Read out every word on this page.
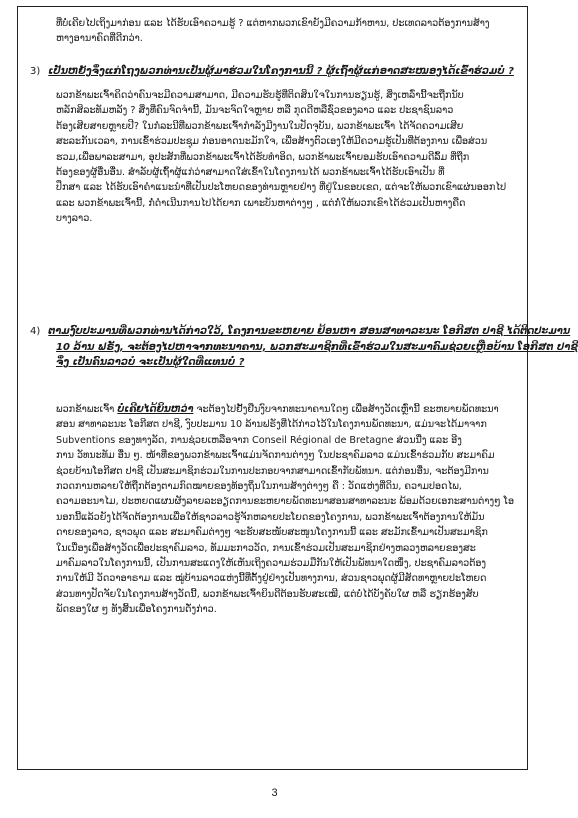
ທີ່ບໍ່ເຄີຍໄປເຖິງມາກ່ອນ ແລະ ໄດ້ຮັບເອົາຄວາມຮູ້ ? ແຕ່ຫາກພວກເຂົາຍັງມີຄວາມກ້າຫານ, ປະເທດລາວຕ້ອງການສ້າງ
ຫາງອານາຄົດທີ່ດີກວ່າ.
3) ເປັນຫຍັງຈຶ່ງແກ່ໂຖງພວກທ່ານເປັນຜູ້ມາຮ່ວມໃນໂຄງການນີ້ ? ຜູ້ເຖົ້າຜູ້ແກ່ອາດສະໜອງໄດ້ເຂົ້າຮ່ວມບໍ ?
ພວກຂ້າພະເຈົ້າຄິດວ່າຄົນຈະມີຄວາມສາມາດ, ມີຄວາມຮັບຮູ້ທີ່ຕິດສິນໃຈໃນການຮຽນຮູ້, ສິ່ງເຫລົ່ານີ້ຈະຖືກນັບ
ຫລັກສິລະທັມຫລັງ ? ສິ່ງທີ່ຄົນຈົດຈຳນີ້, ມັນຈະຈົດໃຈຫຼາຍ ຫລື ກຸດດີຫລືຊົ່ວຂອງລາວ ແລະ ປະຊາຊົນລາວ
ຕ້ອງເສີຍສາຍຫຼາຍປີ? ໃນກໍລະນີທີ່ພວກຂ້າພະເຈົ້າກຳລັງມີງານໃນປັດຈຸບັນ, ພວກຂ້າພະເຈົ້າ ໄດ້ຈັດຄວາມເສີຍ
ສະລະກັນເວລາ, ການເຂົ້າຮ່ວມປະຊຸມ ກ່ອນອາດນະມັກໃຈ, ເພື່ອສ້າງຕົວເອງໃຫ້ມີຄວາມຮູ້ເປັນທີ່ຕ້ອງການ ເພື່ອສ່ວນ
ຮວມ,ເພື່ອພາລະສາມາ, ອຸປະສັກທີ່ພວກຂ້າພະເຈົ້າໄດ້ຮັບທຳອິດ, ພວກຂ້າພະເຈົ້າຍອມຮັບເອົາຄວາມດີລົ້ມ ທີ່ຖືກ
ຕ້ອງຂອງຜູ້ອື່ນອື່ນ. ສຳລັບຜູ້ເຖົ້າຜູ້ແກ່ວ່າສາມາດໃສ່ເຂົ້າໃນໂຄງການໄດ້ ພວກຂ້າພະເຈົ້າໄດ້ຮັບເອົາເປັນ ທີ່
ປຶກສາ ແລະ ໄດ້ຮັບເອົາຄຳແນະນຳທີ່ເປັນປະໂຫຍດຂອງທ່ານຫຼາຍຢ່າງ ທີ່ຢູ່ໃນຂອບເຂດ, ແຕ່ຈະໃຫ້ພວກເຂົາແຜ່ນອອກໄປ
ແລະ ພວກຂ້າພະເຈົ້ານີ້, ກໍ່ດຳເນີນການໄປໄດ້ຍາກ ເພາະບັນຫາຕ່າງໆ , ແຕ່ກໍ່ໃຫ້ພວກເຂົາໄດ້ຮ່ວມເປັນຫາງຄືດ
ບາງລາວ.
4) ຕາມງົບປະມານທີ່ພວກທ່ານໄດ້ກ່າວໃວ້, ໂຄງການຂະຫຍາຍ ຢ້ອນຫາ ສອນສາທາລະນະ ໂອກີສຕ ປາຊີ ໄດ້ຕິດປະມານ
10 ລ້ານ ຟຣັງ, ຈະຕ້ອງໄປຫາຈາກທະນາຄານ, ພວກສະມາຊິກທີ່ເຂົ້າຮ່ວມໃນສະມາຄົມຊ່ວຍເຫຼືອບ້ານ ໂອກີສຕ ປາຊີ
ຈຶ່ງ ເປັນຄົນລາວບໍ ຈະເປັນຜູ້ໃດທີ່ແທນບໍ່ ?
ພວກຂ້າພະເຈົ້າ ບໍ່ເຄີຍໄດ້ຍິນຫວ່າ ຈະຕ້ອງໄປຢັ້ງຢືນງົບຈາກທະນາຄານໃດໆ ເພື່ອສ້າງວັດເຫຼົ່ານີ້ ຂະຫຍາຍພັດທະນາ
ສອນ ສາທາລະນະ ໂອກີສຕ ປາຊີ, ງົບປະມານ 10 ລ້ານຟຣັງທີ່ໄດ້ກ່າວໄວ້ໃນໂຄງການພັດທະນາ, ແມ່ນຈະໄດ້ມາຈາກ
Subventions ຂອງທາງລັດ, ການຊ່ວຍເຫລືອຈາກ Conseil Régional de Bretagne ສ່ວນນື່ງ ແລະ ອີງ
ການ ວັທນະທັມ ອື່ນ ໆ. ໜ້າທີ່ຂອງພວກຂ້າພະເຈົ້າແມ່ນຈັດການຕ່າງໆ ໃນປະຊາຄົມລາວ ແມ່ນເຂົ້າຮ່ວມກັບ ສະມາຄົມ
ຊ່ວຍບ້ານໂອກີສຕ ປາຊີ ເປັນສະມາຊິກຮ່ວມໃນການປະກອບຈາກສາມາດເຂົ້າກັບພັທນາ. ແຕ່ກ່ອນອື່ນ, ຈະຕ້ອງມີການ
ກວດການຫລາຍໃຫ້ຖືກຕ້ອງຕາມກົດໝາຍຂອງທ້ອງຖິ່ນໃນການສ້າງຕ່າງໆ ຄື : ວັດແຫ່ງທີ່ດິນ, ຄວາມປອດໄພ,
ຄວາມອະນາໄມ, ປະຫຍດແຜນຜັງລາຍລະອຽດການຂະຫຍາຍພັດທະນາສອນສາທາລະນະ ພ້ອມດ້ວຍເອກະສານຕ່າງໆ ໂອ
ນອກນີ້ແລ້ວຍັງໄດ້ຈັດຕ້ອງການເພື່ອໃຫ້ຊາວລາວຮູ້ຈັກຫລາຍປະໂຍດຂອງໂຄງການ, ພວກຂ້າພະເຈົ້າຕ້ອງການໃຫ້ມັນ
ດາຍຂອງລາວ, ຊາວພຸດ ແລະ ສະມາຄົມຕ່າງໆ ຈະຮັບສະໜັບສະໜູນໂຄງການນີ້ ແລະ ສະມັກເຂົ້າມາເປັນສະມາຊິກ
ໃນເນື່ອງເພື່ອສ້າງວັດເພື່ອປະຊາຄົມລາວ, ທັມມະກາວວັດ, ການເຂົ້າຮ່ວມເປັນສະມາຊິກຢ່າງຫລວງຫລາຍຂອງສະ
ມາຄົມລາວໃນໂຄງການນີ້, ເປັນການສະແດງໃຫ້ເຫັນເຖິງຄວາມຮ່ວມມືກັນໃຫ້ເປັນພັທນາໃດໜຶ່ງ, ປະຊາຄົມລາວຕ້ອງ
ການໃຫ້ມີ ວັດວາອາຣາມ ແລະ ໝູ່ບ້ານລາວແຫ່ງນີ້ທີ່ຕັ້ງຢູ່ຢ່າງເປັນທາງການ, ສ່ວນຊາວພຸດຜູ້ມີສັດທາຫຼາຍປະໂຫຍດ
ສ່ວນທາງປັດຈັຍໃນໂຄງການສ້າງວັດນີ້, ພວກຂ້າພະເຈົ້າຍິນດີຕ້ອນຮັບສະເໝີ, ແຕ່ບໍ່ໄດ້ບັງຄັບໃຜ ຫລື ຮຽກຮ້ອງສັບ
ພັດຂອງໃຜ ໆ ທັງສິ້ນເພື່ອໂຄງການດັ່ງກ່າວ.
3
